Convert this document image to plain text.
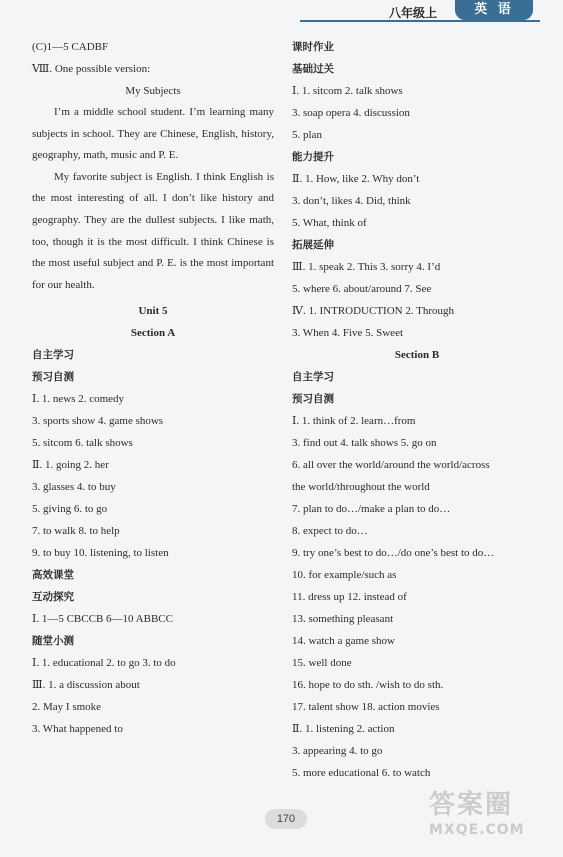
八年级上	英 语
(C)1—5 CADBF
Ⅷ. One possible version:
My Subjects
I’m a middle school student. I’m learning many subjects in school. They are Chinese, English, history, geography, math, music and P. E.
My favorite subject is English. I think English is the most interesting of all. I don’t like history and geography. They are the dullest subjects. I like math, too, though it is the most difficult. I think Chinese is the most useful subject and P. E. is the most important for our health.
Unit 5
Section A
自主学习
预习自测
Ⅰ. 1. news 2. comedy
3. sports show 4. game shows
5. sitcom 6. talk shows
Ⅱ. 1. going 2. her
3. glasses 4. to buy
5. giving 6. to go
7. to walk 8. to help
9. to buy 10. listening, to listen
高效课堂
互动探究
Ⅰ. 1—5 CBCCB 6—10 ABBCC
随堂小测
Ⅰ. 1. educational 2. to go 3. to do
Ⅲ. 1. a discussion about
2. May I smoke
3. What happened to
课时作业
基础过关
Ⅰ. 1. sitcom 2. talk shows
3. soap opera 4. discussion
5. plan
能力提升
Ⅱ. 1. How, like 2. Why don’t
3. don’t, likes 4. Did, think
5. What, think of
拓展延伸
Ⅲ. 1. speak 2. This 3. sorry 4. I’d
5. where 6. about/around 7. See
Ⅳ. 1. INTRODUCTION 2. Through
3. When 4. Five 5. Sweet
Section B
自主学习
预习自测
Ⅰ. 1. think of 2. learn…from
3. find out 4. talk shows 5. go on
6. all over the world/around the world/across
the world/throughout the world
7. plan to do…/make a plan to do…
8. expect to do…
9. try one’s best to do…/do one’s best to do…
10. for example/such as
11. dress up 12. instead of
13. something pleasant
14. watch a game show
15. well done
16. hope to do sth. /wish to do sth.
17. talent show 18. action movies
Ⅱ. 1. listening 2. action
3. appearing 4. to go
5. more educational 6. to watch
170	答案圈
MXQE.COM
